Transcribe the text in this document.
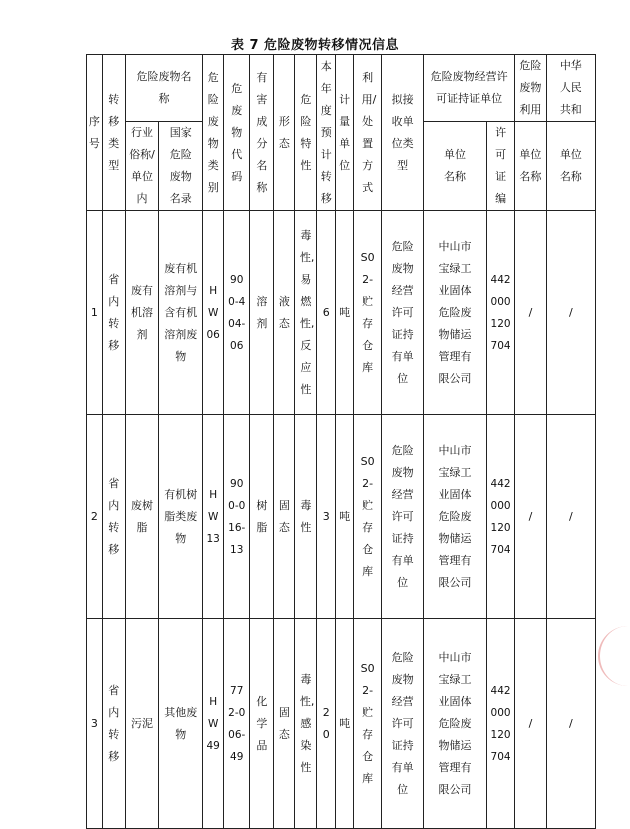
表 7 危险废物转移情况信息
序号	转移类型	危险废物名称		危险废物类别	危废物代码	有害成分名称	形态	危险特性	本年度预计转移	计量单位	利用/处置方式	拟接收单位类型	危险废物经营许可证持证单位		危险废物利用	中华人民共和
		行业俗称/单位内	国家危险废物名录										单位名称	许可证编	单位名称	单位名称
1	省内转移	废有机溶剂	废有机溶剂与含有机溶剂废物	HW06	900-404-06	溶剂	液态	毒性,易燃性,反应性	6	吨	S02-贮存仓库	危险废物经营许可证持有单位	中山市宝绿工业固体危险废物储运管理有限公司	442000120704	/	/
2	省内转移	废树脂	有机树脂类废物	HW13	900-016-13	树脂	固态	毒性	3	吨	S02-贮存仓库	危险废物经营许可证持有单位	中山市宝绿工业固体危险废物储运管理有限公司	442000120704	/	/
3	省内转移	污泥	其他废物	HW49	772-006-49	化学品	固态	毒性,感染性	20	吨	S02-贮存仓库	危险废物经营许可证持有单位	中山市宝绿工业固体危险废物储运管理有限公司	442000120704	/	/
